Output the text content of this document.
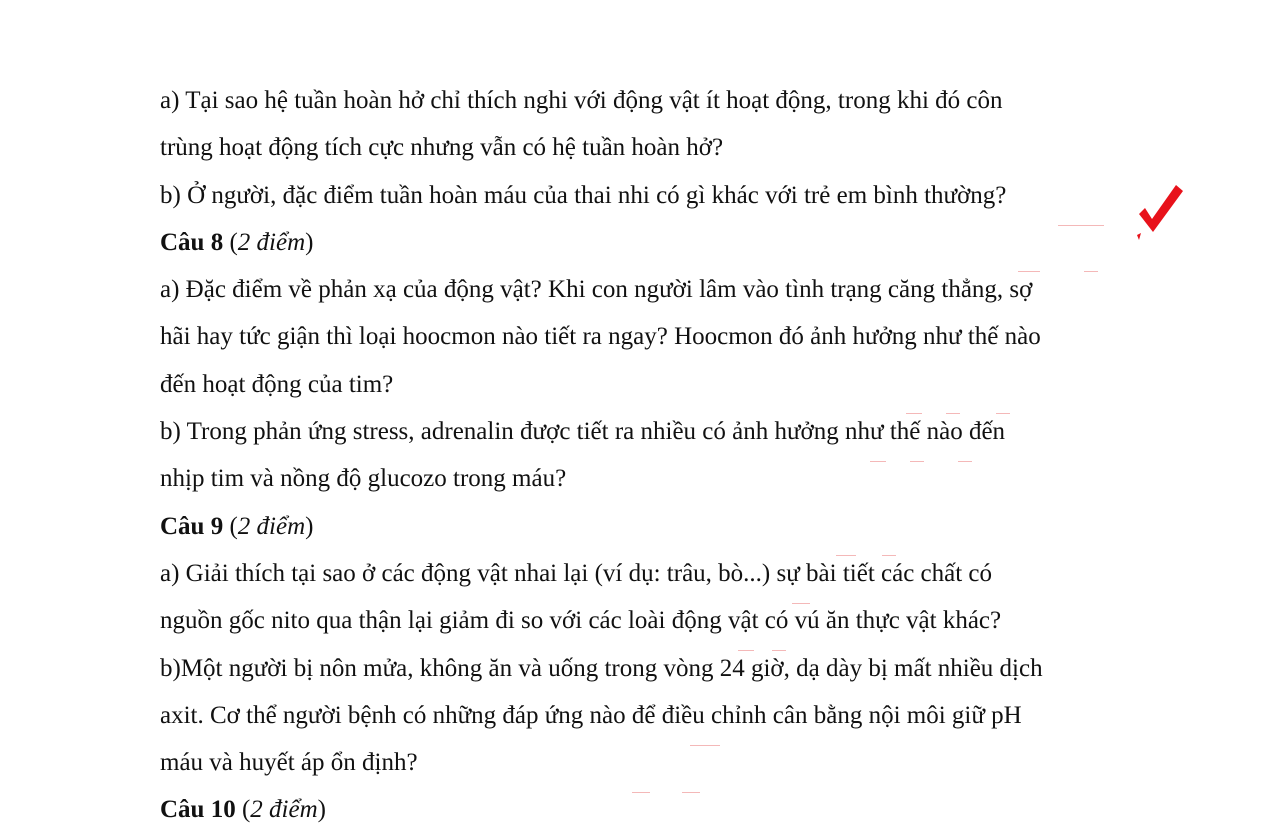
a) Tại sao hệ tuần hoàn hở chỉ thích nghi với động vật ít hoạt động, trong khi đó côn
trùng hoạt động tích cực nhưng vẫn có hệ tuần hoàn hở?
b) Ở người, đặc điểm tuần hoàn máu của thai nhi có gì khác với trẻ em bình thường?
Câu 8 (2 điểm)
a) Đặc điểm về phản xạ của động vật? Khi con người lâm vào tình trạng căng thẳng, sợ
hãi hay tức giận thì loại hoocmon nào tiết ra ngay? Hoocmon đó ảnh hưởng như thế nào
đến hoạt động của tim?
b) Trong phản ứng stress, adrenalin được tiết ra nhiều có ảnh hưởng như thế nào đến
nhịp tim và nồng độ glucozo trong máu?
Câu 9 (2 điểm)
a) Giải thích tại sao ở các động vật nhai lại (ví dụ: trâu, bò...) sự bài tiết các chất có
nguồn gốc nito qua thận lại giảm đi so với các loài động vật có vú ăn thực vật khác?
b)Một người bị nôn mửa, không ăn và uống trong vòng 24 giờ, dạ dày bị mất nhiều dịch
axit. Cơ thể người bệnh có những đáp ứng nào để điều chỉnh cân bằng nội môi giữ pH
máu và huyết áp ổn định?
Câu 10 (2 điểm)
